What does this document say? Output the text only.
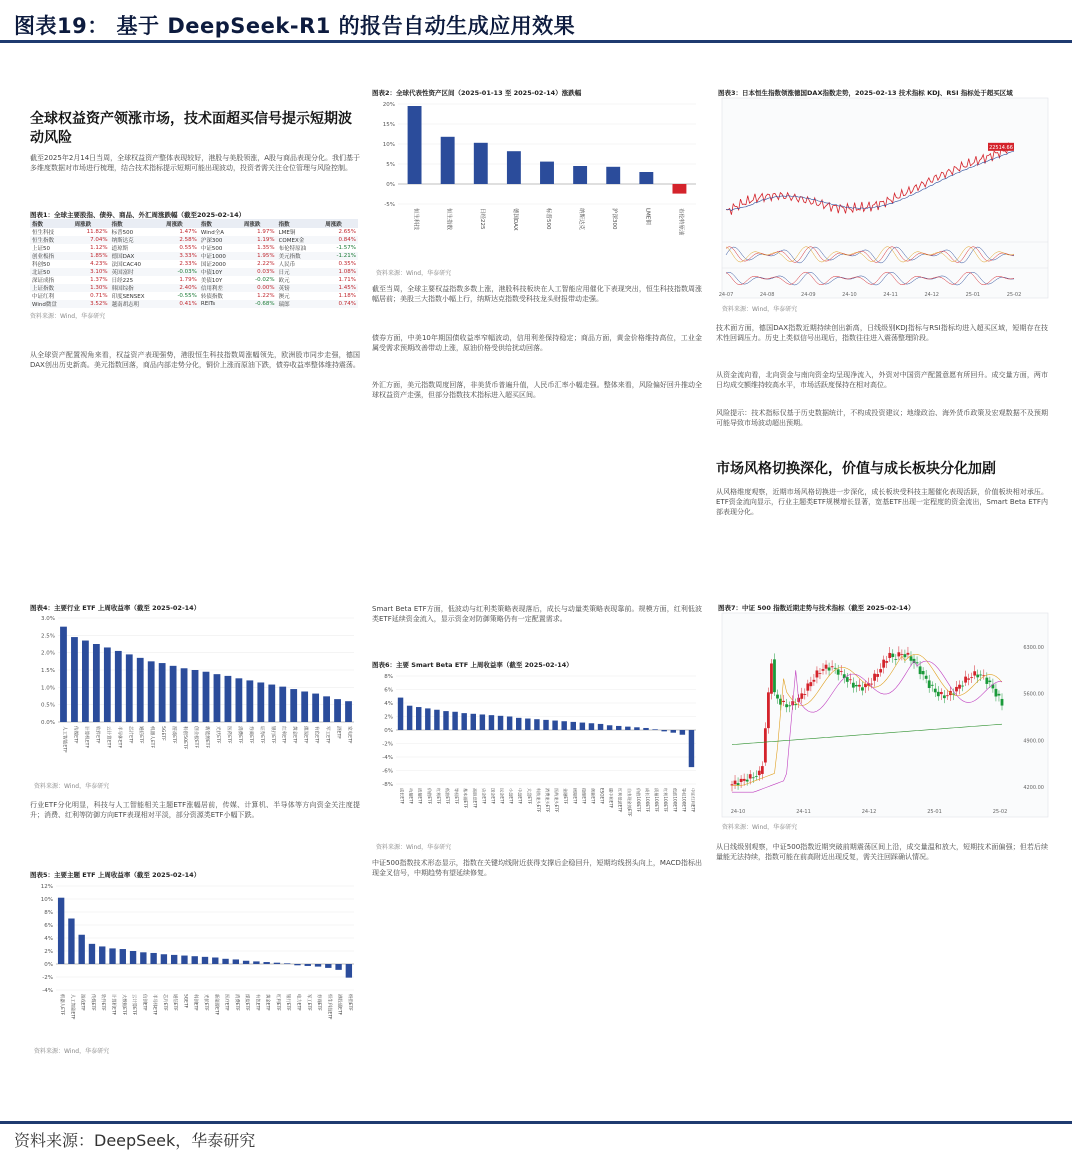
图表19： 基于 DeepSeek-R1 的报告自动生成应用效果
全球权益资产领涨市场，技术面超买信号提示短期波动风险
截至2025年2月14日当周，全球权益资产整体表现较好，港股与美股领涨，A股与商品表现分化。我们基于多维度数据对市场进行梳理，结合技术指标提示短期可能出现波动，投资者需关注仓位管理与风险控制。
图表1：全球主要股指、债券、商品、外汇周涨跌幅（截至2025-02-14）
指数	周涨跌	指数	周涨跌	指数	周涨跌	指数	周涨跌
恒生科技	11.82%	标普500	1.47%	Wind全A	1.97%	LME铜	2.65%
恒生指数	7.04%	纳斯达克	2.58%	沪深300	1.19%	COMEX金	0.84%
上证50	1.12%	道琼斯	0.55%	中证500	1.35%	布伦特原油	-1.57%
创业板指	1.85%	德国DAX	3.33%	中证1000	1.95%	美元指数	-1.21%
科创50	4.23%	法国CAC40	2.33%	国证2000	2.22%	人民币	0.35%
北证50	3.10%	英国富时	-0.03%	中债10Y	0.03%	日元	1.08%
深证成指	1.37%	日经225	1.79%	美债10Y	-0.02%	欧元	1.71%
上证指数	1.30%	韩国综指	2.40%	信用利差	0.00%	英镑	1.45%
中证红利	0.71%	印度SENSEX	-0.55%	转债指数	1.22%	澳元	1.18%
Wind微盘	3.52%	越南胡志明	0.41%	REITs	-0.68%	瑞郎	0.74%
资料来源：Wind，华泰研究
从全球资产配置视角来看，权益资产表现强势，港股恒生科技指数周涨幅领先，欧洲股市同步走强，德国DAX创出历史新高。美元指数回落，商品内部走势分化，铜价上涨而原油下跌，债券收益率整体维持震荡。
图表2：全球代表性资产区间（2025-01-13 至 2025-02-14）涨跌幅
20%
15%
10%
5%
0%
-5%
恒生科技	恒生指数	日经225	德国DAX	标普500	纳斯达克	沪深300	LME铜	布伦特原油
资料来源：Wind，华泰研究
截至当周，全球主要权益指数多数上涨，港股科技板块在人工智能应用催化下表现突出，恒生科技指数周涨幅居前；美股三大指数小幅上行，纳斯达克指数受科技龙头财报带动走强。
债券方面，中美10年期国债收益率窄幅波动，信用利差保持稳定；商品方面，黄金价格维持高位，工业金属受需求预期改善带动上涨，原油价格受供给扰动回落。
外汇方面，美元指数周度回落，非美货币普遍升值，人民币汇率小幅走强。整体来看，风险偏好回升推动全球权益资产走强，但部分指数技术指标进入超买区间。
图表3：日本恒生指数领涨德国DAX指数走势，2025-02-13 技术指标 KDJ、RSI 指标处于超买区域
22514.66
24-07	24-08	24-09	24-10	24-11	24-12	25-01	25-02
资料来源：Wind，华泰研究
技术面方面，德国DAX指数近期持续创出新高，日线级别KDJ指标与RSI指标均进入超买区域，短期存在技术性回调压力。历史上类似信号出现后，指数往往进入震荡整理阶段。
从资金流向看，北向资金与南向资金均呈现净流入，外资对中国资产配置意愿有所回升。成交量方面，两市日均成交额维持较高水平，市场活跃度保持在相对高位。
风险提示：技术指标仅基于历史数据统计，不构成投资建议；地缘政治、海外货币政策及宏观数据不及预期可能导致市场波动超出预期。
市场风格切换深化，价值与成长板块分化加剧
从风格维度观察，近期市场风格切换进一步深化，成长板块受科技主题催化表现活跃，价值板块相对承压。ETF资金流向显示，行业主题类ETF规模增长显著，宽基ETF出现一定程度的资金流出，Smart Beta ETF内部表现分化。
图表4：主要行业 ETF 上周收益率（截至 2025-02-14）
3.0%
2.5%
2.0%
1.5%
1.0%
0.5%
0.0%
人工智能ETF	传媒ETF	计算机ETF	软件ETF	云计算ETF	半导体ETF	芯片ETF	通信ETF	机器人ETF	5GETF 游戏ETF	科创50ETF	创业板ETF	新能源ETF	光伏ETF	医药ETF	消费ETF	券商ETF	证券ETF	银行ETF	红利ETF	黄金ETF	煤炭ETF	有色ETF	军工ETF	酒ETF	家电ETF
资料来源：Wind，华泰研究
行业ETF分化明显，科技与人工智能相关主题ETF涨幅居前，传媒、计算机、半导体等方向资金关注度提升；消费、红利等防御方向ETF表现相对平淡，部分资源类ETF小幅下跌。
图表5：主要主题 ETF 上周收益率（截至 2025-02-14）
12%
10%
8%
6%
4%
2%
0%
-2%
-4%
机器人ETF	人工智能ETF	游戏ETF	传媒ETF	软件ETF	计算机ETF	大数据ETF	云计算ETF	信创ETF	半导体ETF	芯片ETF	通信ETF	5GETF 科创ETF	光伏ETF	新能源ETF	医疗ETF	消费ETF	煤炭ETF	有色ETF	黄金ETF	红利ETF	银行ETF	电力ETF	军工ETF	券商ETF	恒生科技ETF	港股通ETF	纳指ETF
资料来源：Wind，华泰研究
Smart Beta ETF方面，低波动与红利类策略表现落后，成长与动量类策略表现靠前。规模方面，红利低波类ETF延续资金流入，显示资金对防御策略仍有一定配置需求。
图表6：主要 Smart Beta ETF 上周收益率（截至 2025-02-14）
8%
6%
4%
2%
0%
-2%
-4%
-6%
-8%
成长ETF 动量ETF 质量ETF 价值ETF 红利ETF 低波ETF 等权ETF 基本面ETF 高股息ETF 央企ETF 国企ETF 民企ETF 小盘ETF 中盘ETF 大盘ETF 科技龙头ETF 消费龙头ETF 医药龙头ETF 金融ETF 周期ETF 稳健ETF 创新ETF ESGETF 碳中和ETF 红利低波ETF 自由现金流ETF 价值100ETF 成长100ETF 质量100ETF 红利100ETF 低波100ETF 等权100ETF 中证红利ETF
资料来源：Wind，华泰研究
中证500指数技术形态显示，指数在关键均线附近获得支撑后企稳回升，短期均线拐头向上，MACD指标出现金叉信号，中期趋势有望延续修复。
图表7：中证 500 指数近期走势与技术指标（截至 2025-02-14）
6300.00
5600.00
4900.00
4200.00
24-10	24-11	24-12	25-01	25-02
资料来源：Wind，华泰研究
从日线级别观察，中证500指数近期突破前期震荡区间上沿，成交量温和放大，短期技术面偏强；但若后续量能无法持续，指数可能在前高附近出现反复，需关注回踩确认情况。
资料来源：DeepSeek，华泰研究
